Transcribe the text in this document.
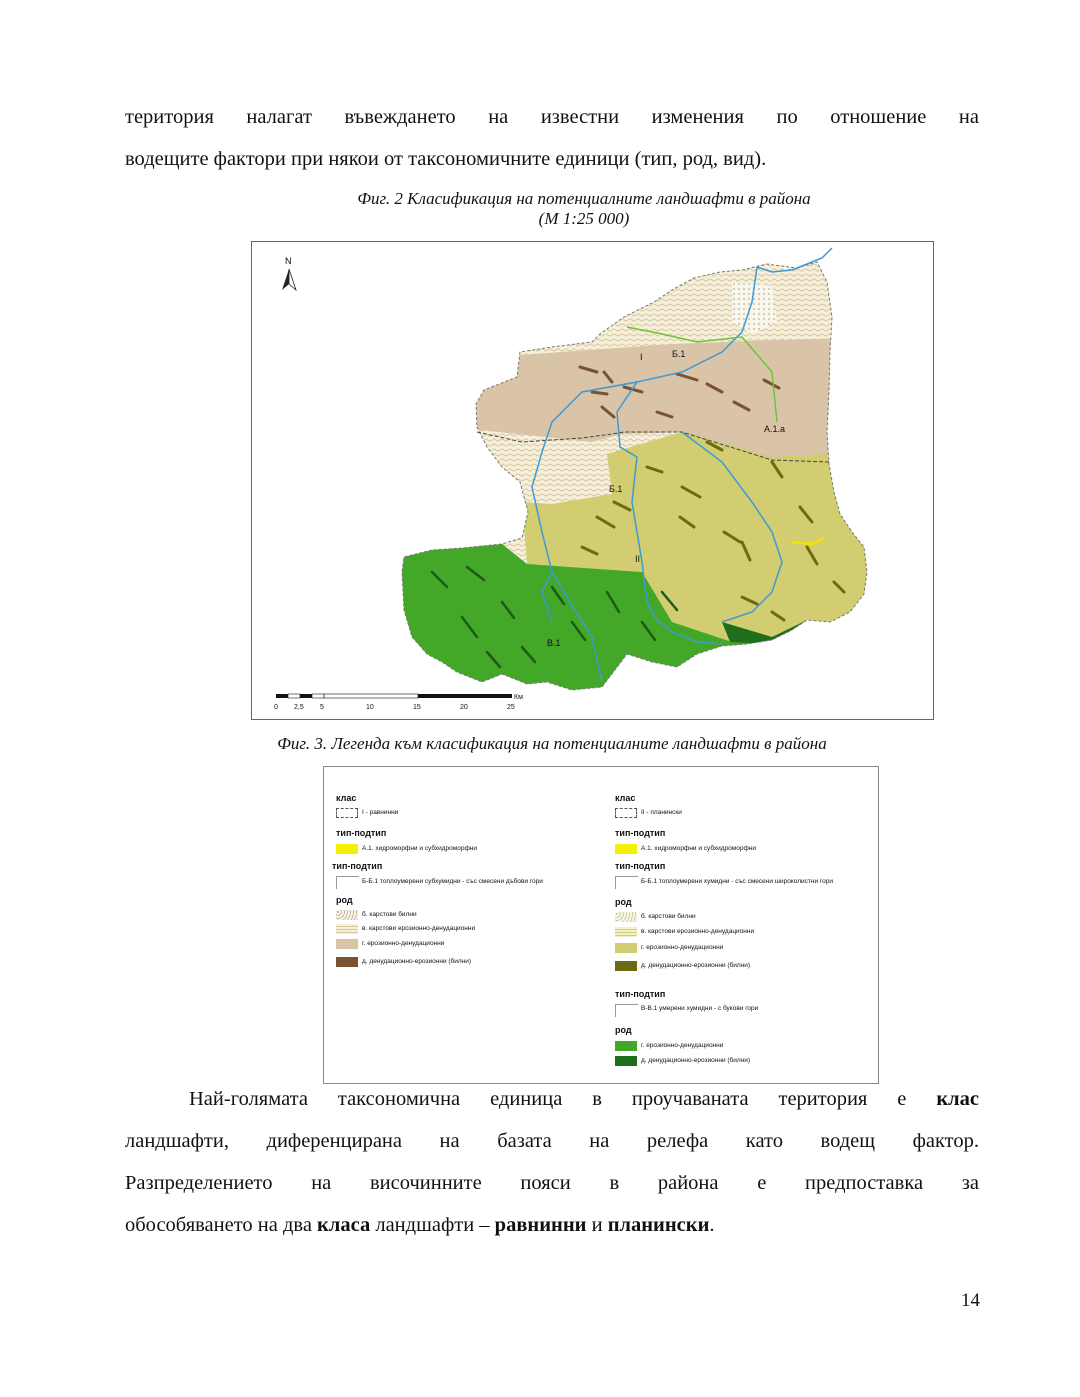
територия налагат въвеждането на известни изменения по отношение на
водещите фактори при някои от таксономичните единици (тип, род, вид).
Фиг. 2 Класификация на потенциалните ландшафти в района
(М 1:25 000)
I	Б.1
А.1.а
Б.1
II
В.1
N
0 2,5 5	10	15	20	25
Км
Фиг. 3. Легенда към класификация на потенциалните ландшафти в района
клас
I - равнинни
тип-подтип
А.1. хидроморфни и субхидроморфни
тип-подтип
Б-Б.1 топлоумерени субхумидни - със смесени дъбови гори
род
б. карстови билни
в. карстови ерозионно-денудационни
г. ерозионно-денудационни
д. денудационно-ерозионни (билни)
клас
II - планински
тип-подтип
А.1. хидроморфни и субхидроморфни
тип-подтип
Б-Б.1 топлоумерени хумидни - със смесени широколистни гори
род
б. карстови билни
в. карстови ерозионно-денудационни
г. ерозионно-денудационни
д. денудационно-ерозионни (билни)
тип-подтип
В-В.1 умерени хумидни - с букови гори
род
г. ерозионно-денудационни
д. денудационно-ерозионни (билни)
Най-голямата таксономична единица в проучаваната територия е клас
ландшафти, диференцирана на базата на релефа като водещ фактор.
Разпределението на височинните пояси в района е предпоставка за
обособяването на два класа ландшафти – равнинни и планински.
14
